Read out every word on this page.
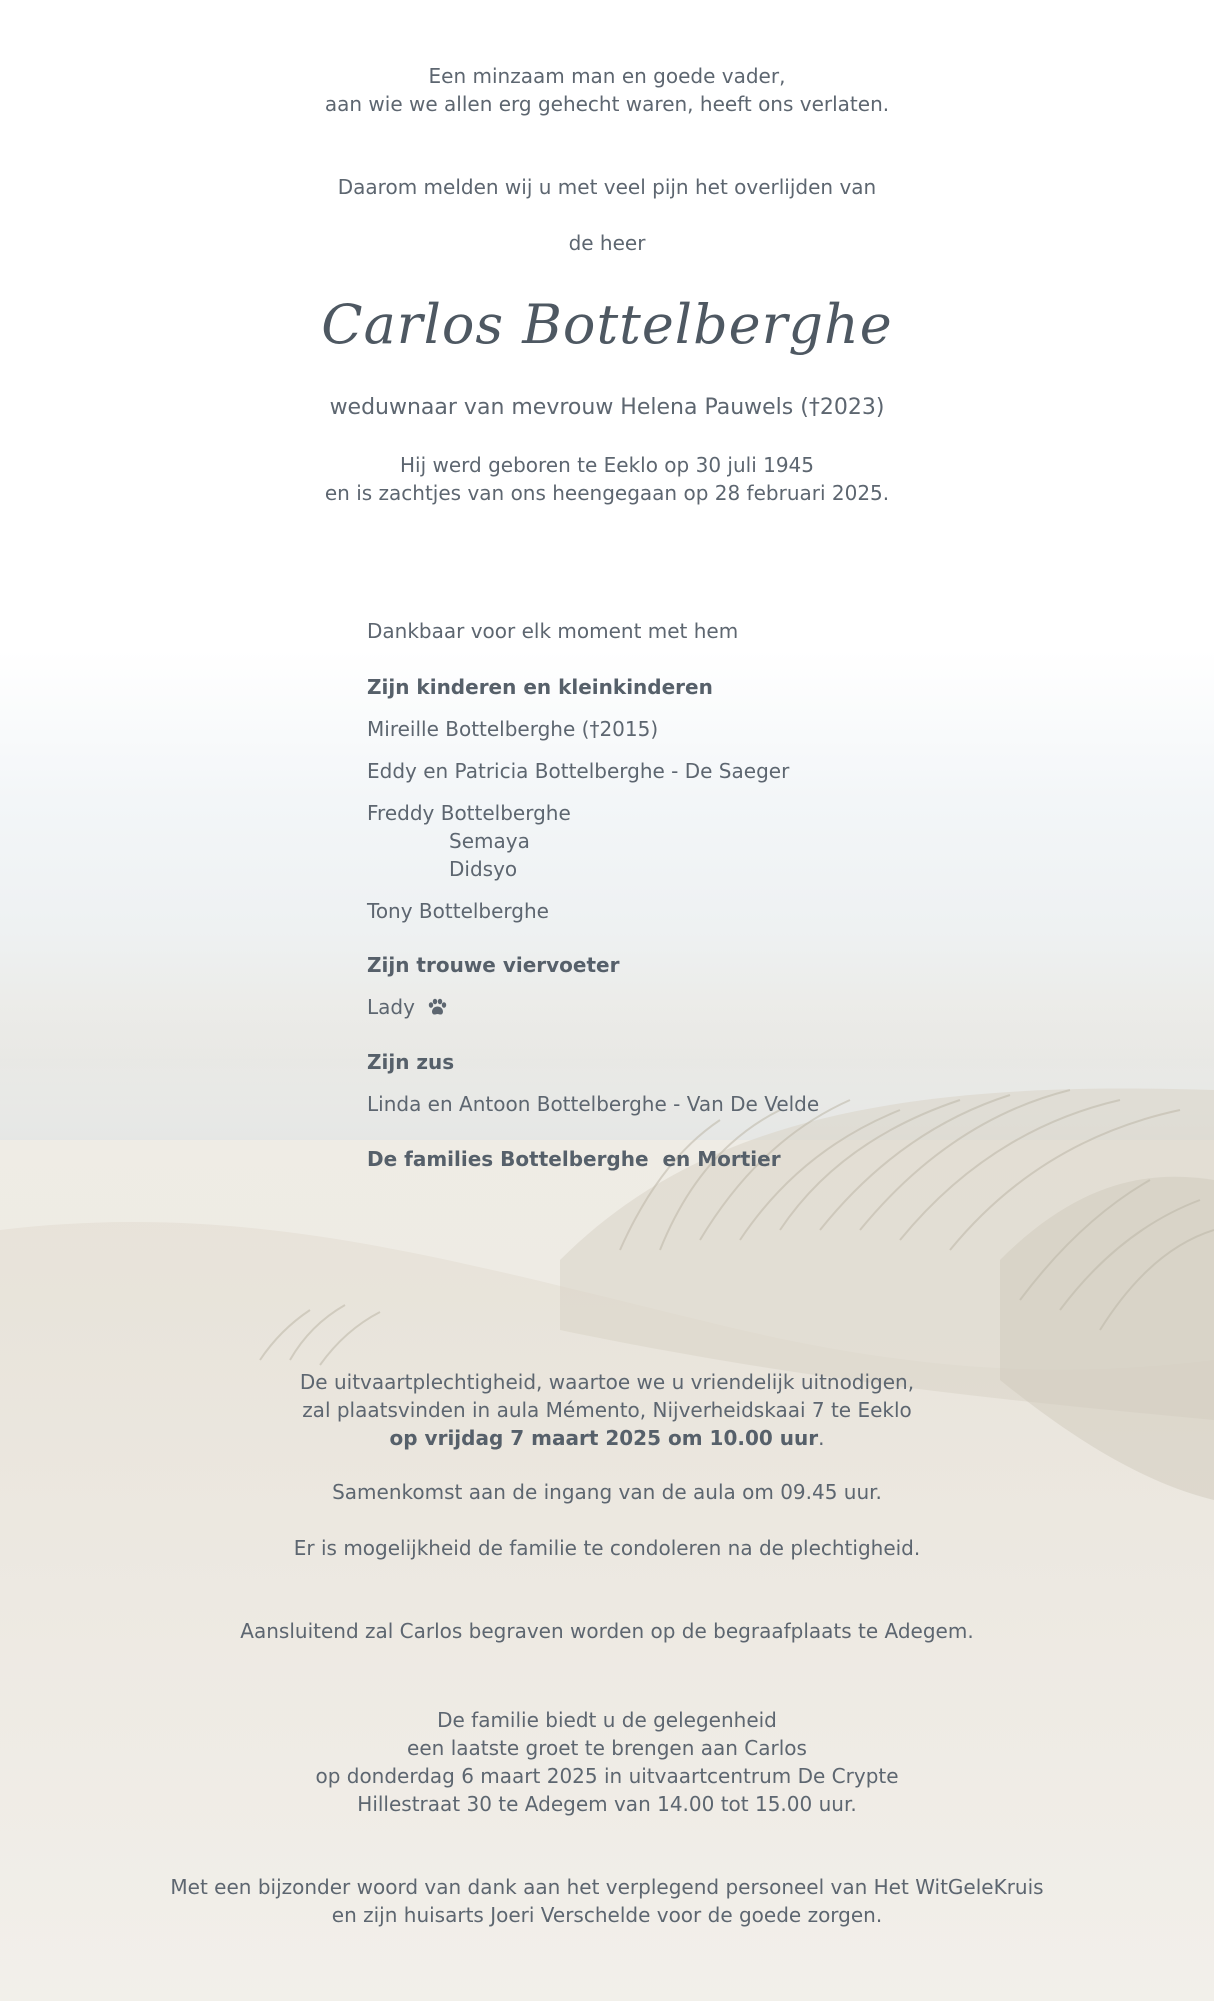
Een minzaam man en goede vader,

aan wie we allen erg gehecht waren, heeft ons verlaten.

Daarom melden wij u met veel pijn het overlijden van

de heer

Carlos Bottelberghe

weduwnaar van mevrouw Helena Pauwels (†2023)

Hij werd geboren te Eeklo op 30 juli 1945

en is zachtjes van ons heengegaan op 28 februari 2025.

Dankbaar voor elk moment met hem

Zijn kinderen en kleinkinderen

Mireille Bottelberghe (†2015)

Eddy en Patricia Bottelberghe - De Saeger

Freddy Bottelberghe

Semaya

Didsyo

Tony Bottelberghe

Zijn trouwe viervoeter

Lady

Zijn zus

Linda en Antoon Bottelberghe - Van De Velde

De families Bottelberghe  en Mortier

De uitvaartplechtigheid, waartoe we u vriendelijk uitnodigen,

zal plaatsvinden in aula Mémento, Nijverheidskaai 7 te Eeklo

op vrijdag 7 maart 2025 om 10.00 uur.

Samenkomst aan de ingang van de aula om 09.45 uur.

Er is mogelijkheid de familie te condoleren na de plechtigheid.

Aansluitend zal Carlos begraven worden op de begraafplaats te Adegem.

De familie biedt u de gelegenheid

een laatste groet te brengen aan Carlos

op donderdag 6 maart 2025 in uitvaartcentrum De Crypte

Hillestraat 30 te Adegem van 14.00 tot 15.00 uur.

Met een bijzonder woord van dank aan het verplegend personeel van Het WitGeleKruis

en zijn huisarts Joeri Verschelde voor de goede zorgen.
